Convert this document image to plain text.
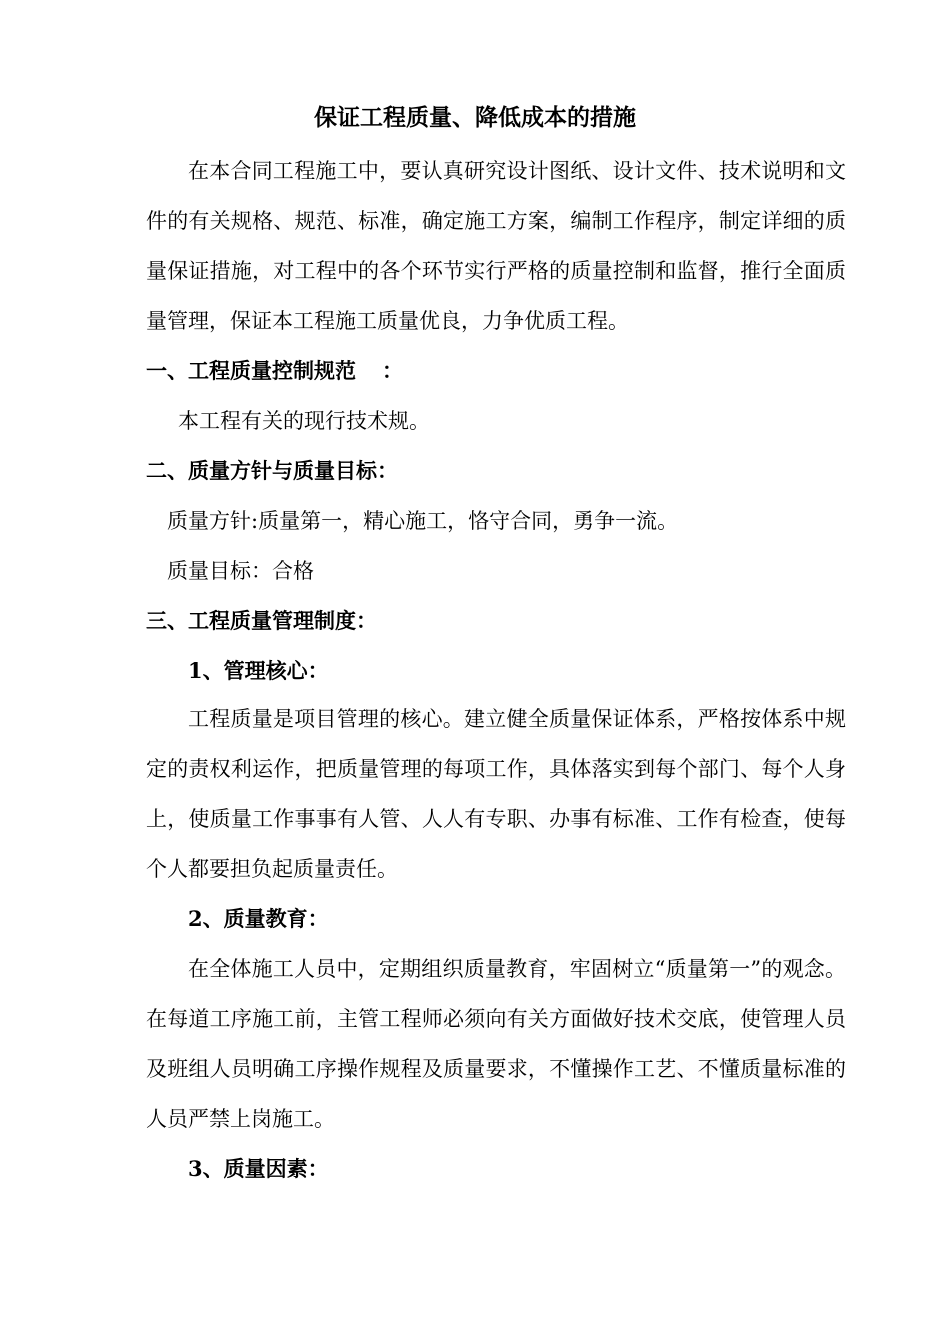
保证工程质量、降低成本的措施

在本合同工程施工中，要认真研究设计图纸、设计文件、技术说明和文件的有关规格、规范、标准，确定施工方案，编制工作程序，制定详细的质量保证措施，对工程中的各个环节实行严格的质量控制和监督，推行全面质量管理，保证本工程施工质量优良，力争优质工程。

一、工程质量控制规范 ：
本工程有关的现行技术规。
二、质量方针与质量目标：
质量方针:质量第一，精心施工，恪守合同，勇争一流。
质量目标：合格
三、工程质量管理制度：
1、管理核心：

工程质量是项目管理的核心。建立健全质量保证体系，严格按体系中规定的责权利运作，把质量管理的每项工作，具体落实到每个部门、每个人身上，使质量工作事事有人管、人人有专职、办事有标准、工作有检查，使每个人都要担负起质量责任。

2、质量教育：

在全体施工人员中，定期组织质量教育，牢固树立“质量第一”的观念。在每道工序施工前，主管工程师必须向有关方面做好技术交底，使管理人员及班组人员明确工序操作规程及质量要求，不懂操作工艺、不懂质量标准的人员严禁上岗施工。

3、质量因素：
